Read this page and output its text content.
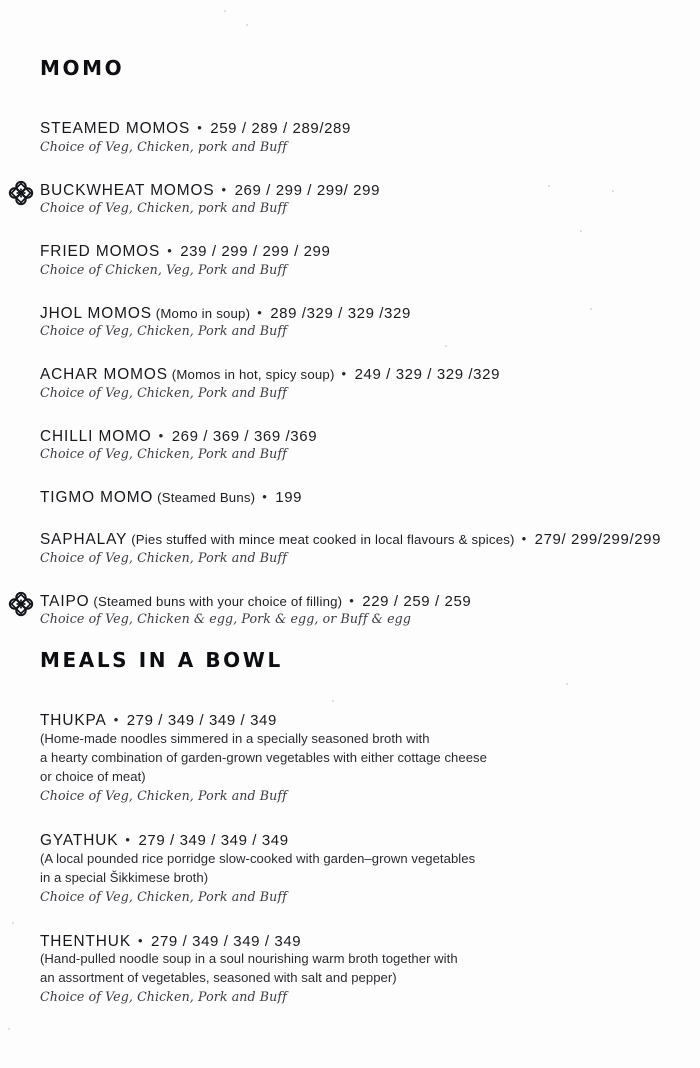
MOMO
STEAMED MOMOS • 259 / 289 / 289/289
Choice of Veg, Chicken, pork and Buff
BUCKWHEAT MOMOS • 269 / 299 / 299/ 299
Choice of Veg, Chicken, pork and Buff
FRIED MOMOS • 239 / 299 / 299 / 299
Choice of Chicken, Veg, Pork and Buff
JHOL MOMOS (Momo in soup) • 289 /329 / 329 /329
Choice of Veg, Chicken, Pork and Buff
ACHAR MOMOS (Momos in hot, spicy soup) • 249 / 329 / 329 /329
Choice of Veg, Chicken, Pork and Buff
CHILLI MOMO • 269 / 369 / 369 /369
Choice of Veg, Chicken, Pork and Buff
TIGMO MOMO (Steamed Buns) • 199
SAPHALAY (Pies stuffed with mince meat cooked in local flavours & spices) • 279/ 299/299/299
Choice of Veg, Chicken, Pork and Buff
TAIPO (Steamed buns with your choice of filling) • 229 / 259 / 259
Choice of Veg, Chicken & egg, Pork & egg, or Buff & egg
MEALS IN A BOWL
THUKPA • 279 / 349 / 349 / 349
(Home-made noodles simmered in a specially seasoned broth with
a hearty combination of garden-grown vegetables with either cottage cheese
or choice of meat)
Choice of Veg, Chicken, Pork and Buff
GYATHUK • 279 / 349 / 349 / 349
(A local pounded rice porridge slow-cooked with garden–grown vegetables
in a special Šikkimese broth)
Choice of Veg, Chicken, Pork and Buff
THENTHUK • 279 / 349 / 349 / 349
(Hand-pulled noodle soup in a soul nourishing warm broth together with
an assortment of vegetables, seasoned with salt and pepper)
Choice of Veg, Chicken, Pork and Buff
